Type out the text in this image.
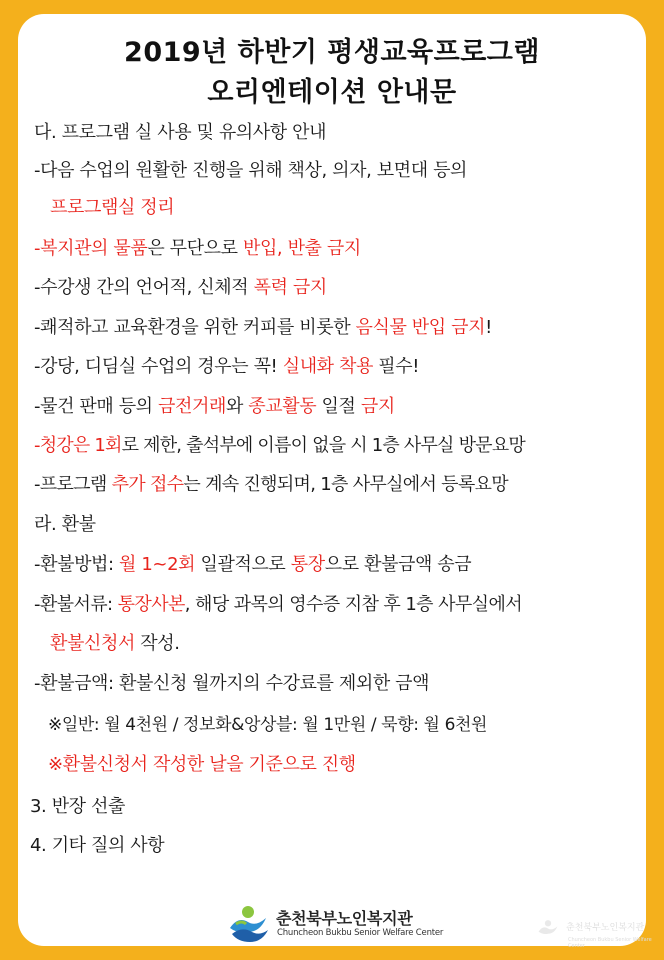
2019년 하반기 평생교육프로그램
오리엔테이션 안내문
다. 프로그램 실 사용 및 유의사항 안내
-다음 수업의 원활한 진행을 위해 책상, 의자, 보면대 등의
프로그램실 정리
-복지관의 물품은 무단으로 반입, 반출 금지
-수강생 간의 언어적, 신체적 폭력 금지
-쾌적하고 교육환경을 위한 커피를 비롯한 음식물 반입 금지!
-강당, 디딤실 수업의 경우는 꼭! 실내화 착용 필수!
-물건 판매 등의 금전거래와 종교활동 일절 금지
-청강은 1회로 제한, 출석부에 이름이 없을 시 1층 사무실 방문요망
-프로그램 추가 접수는 계속 진행되며, 1층 사무실에서 등록요망
라. 환불
-환불방법: 월 1~2회 일괄적으로 통장으로 환불금액 송금
-환불서류: 통장사본, 해당 과목의 영수증 지참 후 1층 사무실에서
환불신청서 작성.
-환불금액: 환불신청 월까지의 수강료를 제외한 금액
※일반: 월 4천원 / 정보화&앙상블: 월 1만원 / 묵향: 월 6천원
※환불신청서 작성한 날을 기준으로 진행
3. 반장 선출
4. 기타 질의 사항
춘천북부노인복지관
Chuncheon Bukbu Senior Welfare Center	춘천북부노인복지관
Chuncheon Bukbu Senior Welfare Center
